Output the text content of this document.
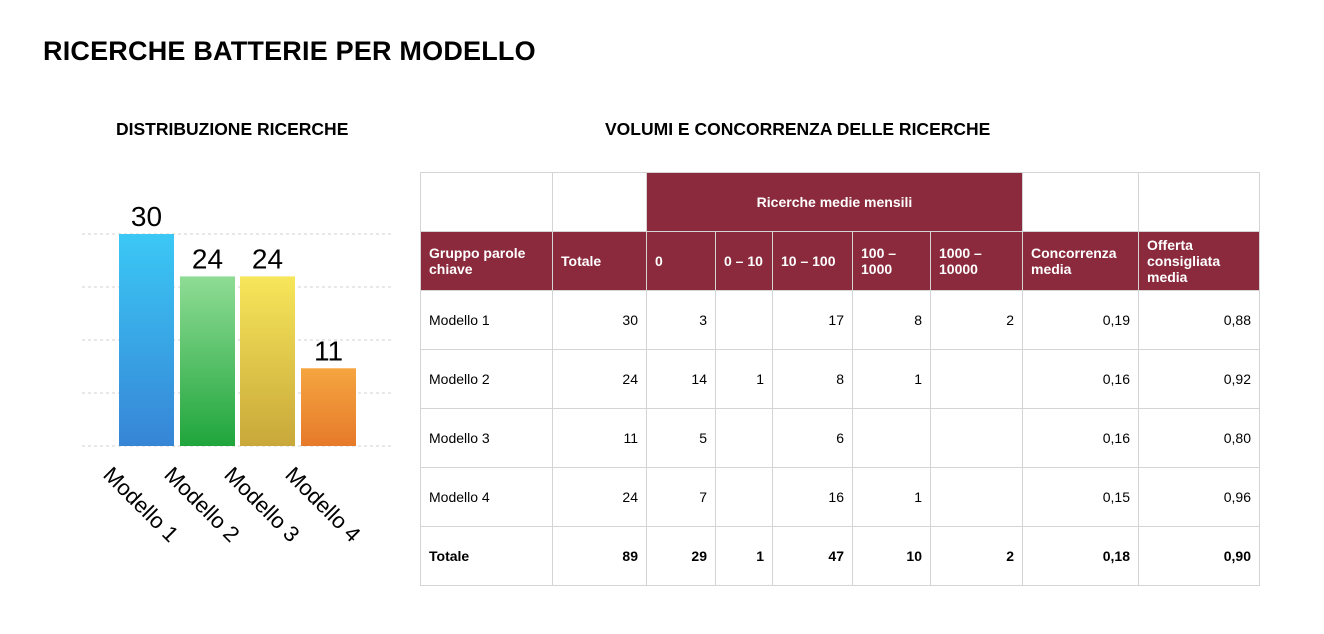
RICERCHE BATTERIE PER MODELLO
DISTRIBUZIONE RICERCHE	VOLUMI E CONCORRENZA DELLE RICERCHE
30
Modello 1
24
Modello 2
24
Modello 3
11
Modello 4
		Ricerche medie mensili						
Gruppo parole chiave	Totale	0	0 – 10	10 – 100	100 – 1000	1000 – 10000	Concorrenza media	Offerta consigliata media
Modello 1	30	3		17	8	2	0,19	0,88
Modello 2	24	14	1	8	1		0,16	0,92
Modello 3	11	5		6			0,16	0,80
Modello 4	24	7		16	1		0,15	0,96
Totale	89	29	1	47	10	2	0,18	0,90
